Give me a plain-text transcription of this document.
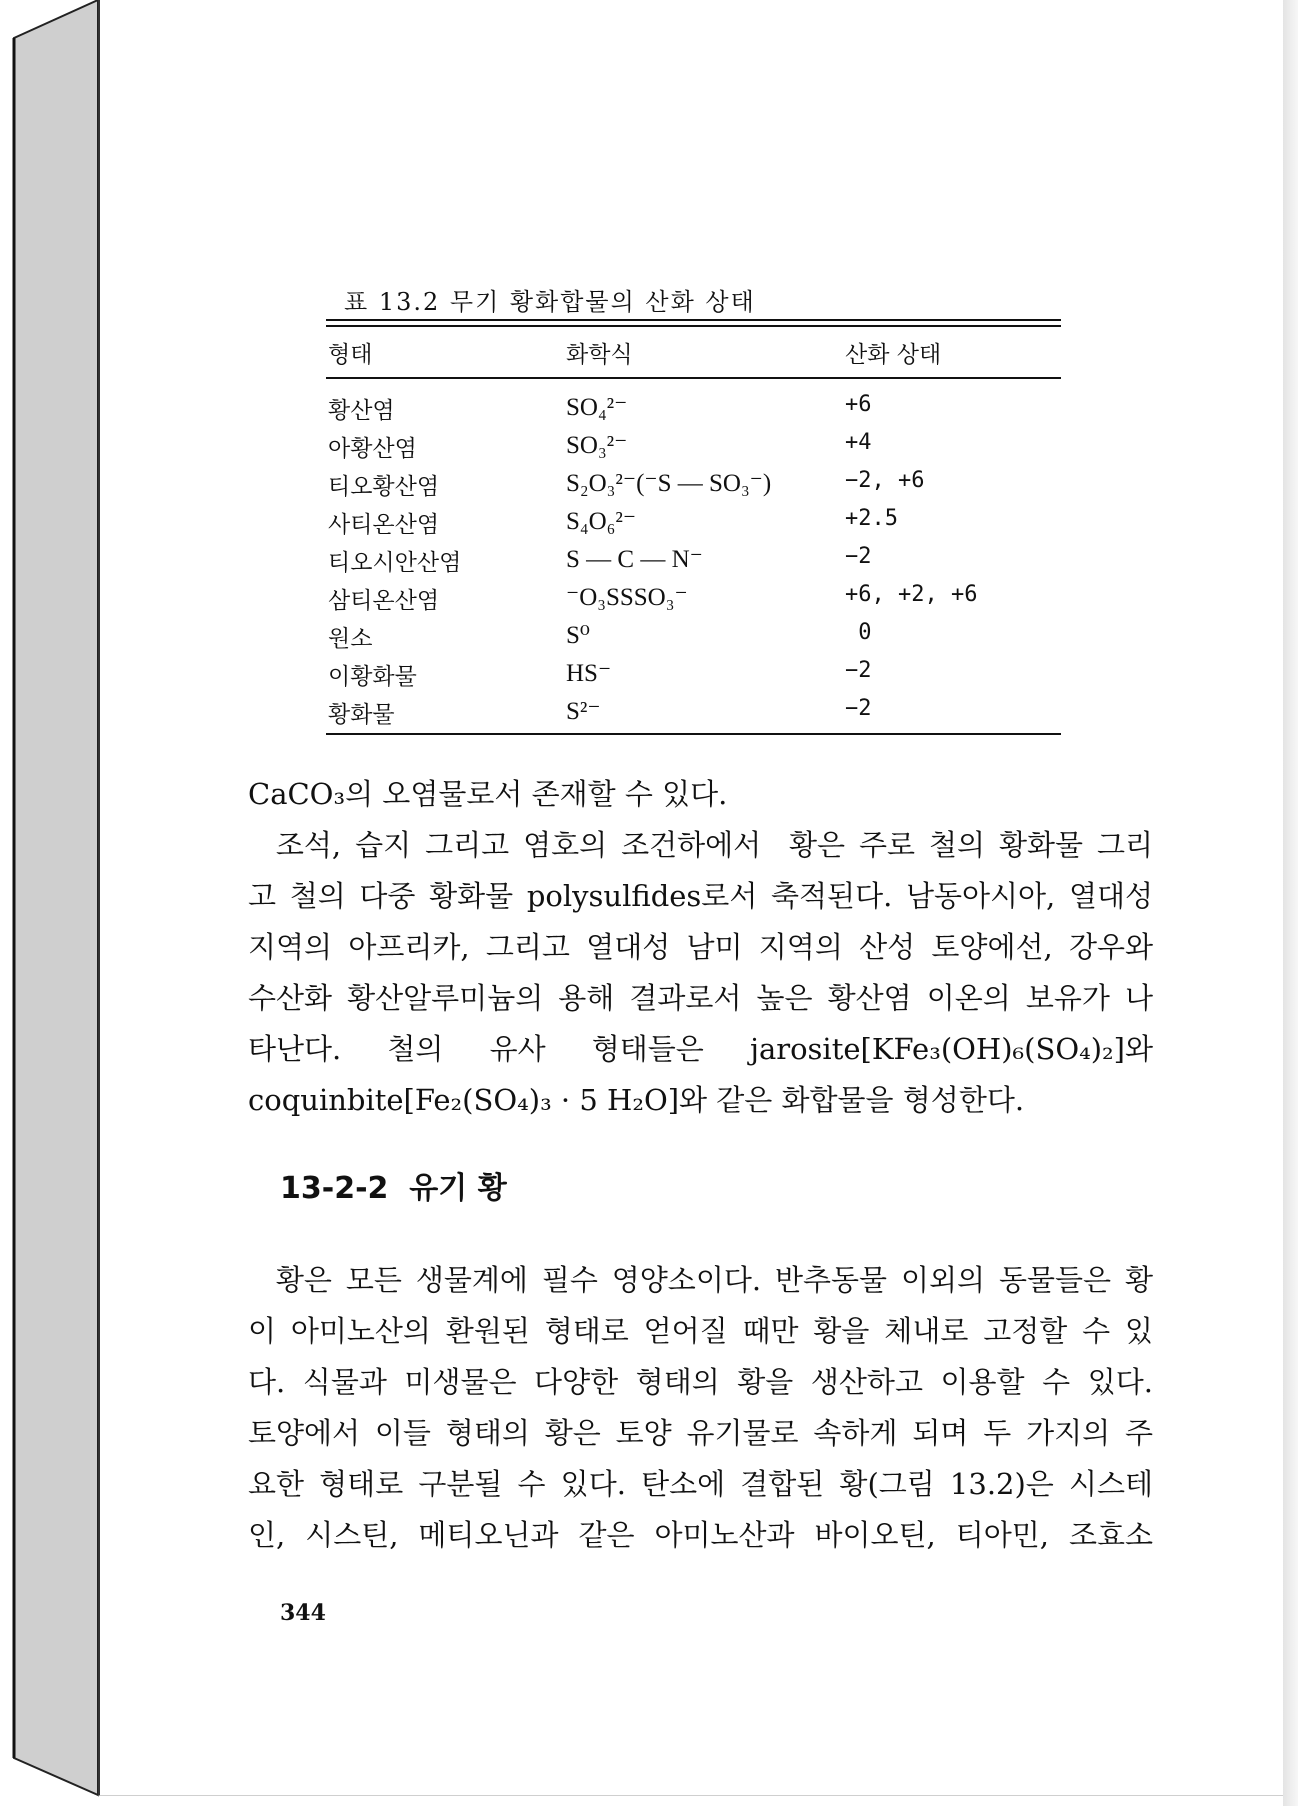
표 13.2 무기 황화합물의 산화 상태
형태	화학식	산화 상태
황산염	SO₄²⁻	+6
아황산염	SO₃²⁻	+4
티오황산염	S₂O₃²⁻(⁻S — SO₃⁻)	−2, +6
사티온산염	S₄O₆²⁻	+2.5
티오시안산염	S — C — N⁻	−2
삼티온산염	⁻O₃SSSO₃⁻	+6, +2, +6
원소	S⁰	0
이황화물	HS⁻	−2
황화물	S²⁻	−2
CaCO₃의 오염물로서 존재할 수 있다.
조석, 습지 그리고 염호의 조건하에서  황은 주로 철의 황화물 그리
고 철의 다중 황화물 polysulfides로서 축적된다. 남동아시아, 열대성
지역의 아프리카, 그리고 열대성 남미 지역의 산성 토양에선, 강우와
수산화 황산알루미늄의 용해 결과로서 높은 황산염 이온의 보유가 나
타난다. 철의 유사 형태들은 jarosite[KFe₃(OH)₆(SO₄)₂]와
coquinbite[Fe₂(SO₄)₃ · 5 H₂O]와 같은 화합물을 형성한다.
13-2-2  유기 황
황은 모든 생물계에 필수 영양소이다. 반추동물 이외의 동물들은 황
이 아미노산의 환원된 형태로 얻어질 때만 황을 체내로 고정할 수 있
다. 식물과 미생물은 다양한 형태의 황을 생산하고 이용할 수 있다.
토양에서 이들 형태의 황은 토양 유기물로 속하게 되며 두 가지의 주
요한 형태로 구분될 수 있다. 탄소에 결합된 황(그림 13.2)은 시스테
인, 시스틴, 메티오닌과 같은 아미노산과 바이오틴, 티아민, 조효소
344
